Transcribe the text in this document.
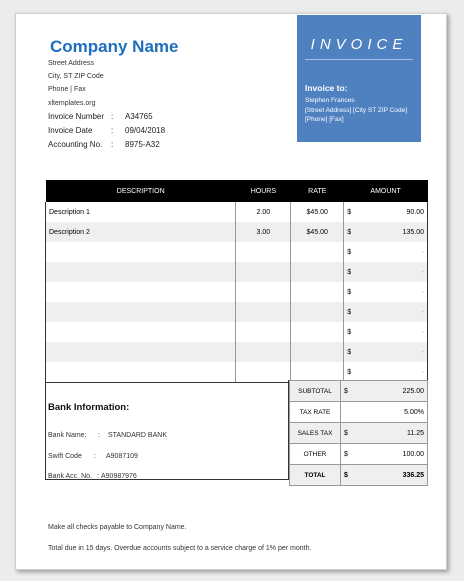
Company Name
Street Address
City, ST ZIP Code
Phone | Fax
xltemplates.org
Invoice Number : A34765
Invoice Date : 09/04/2018
Accounting No. : 8975-A32
INVOICE
Invoice to:
Stephen Frances
[Street Address] [City ST ZIP Code]
[Phone] [Fax]
DESCRIPTION	HOURS	RATE	AMOUNT
Description 1	2.00	$45.00	$ 90.00

Description 2	3.00	$45.00	$ 135.00

			$ -

			$ -

			$ -

			$ -

			$ -

			$ -

			$ -
Bank Information:
Bank Name: : STANDARD BANK
Swift Code : A9087109
Bank Acc. No. : A90987976
SUBTOTAL	$ 225.00

TAX RATE	5.00%

SALES TAX	$ 11.25

OTHER	$ 100.00

TOTAL	$ 336.25
Make all checks payable to Company Name.
Total due in 15 days. Overdue accounts subject to a service charge of 1% per month.
